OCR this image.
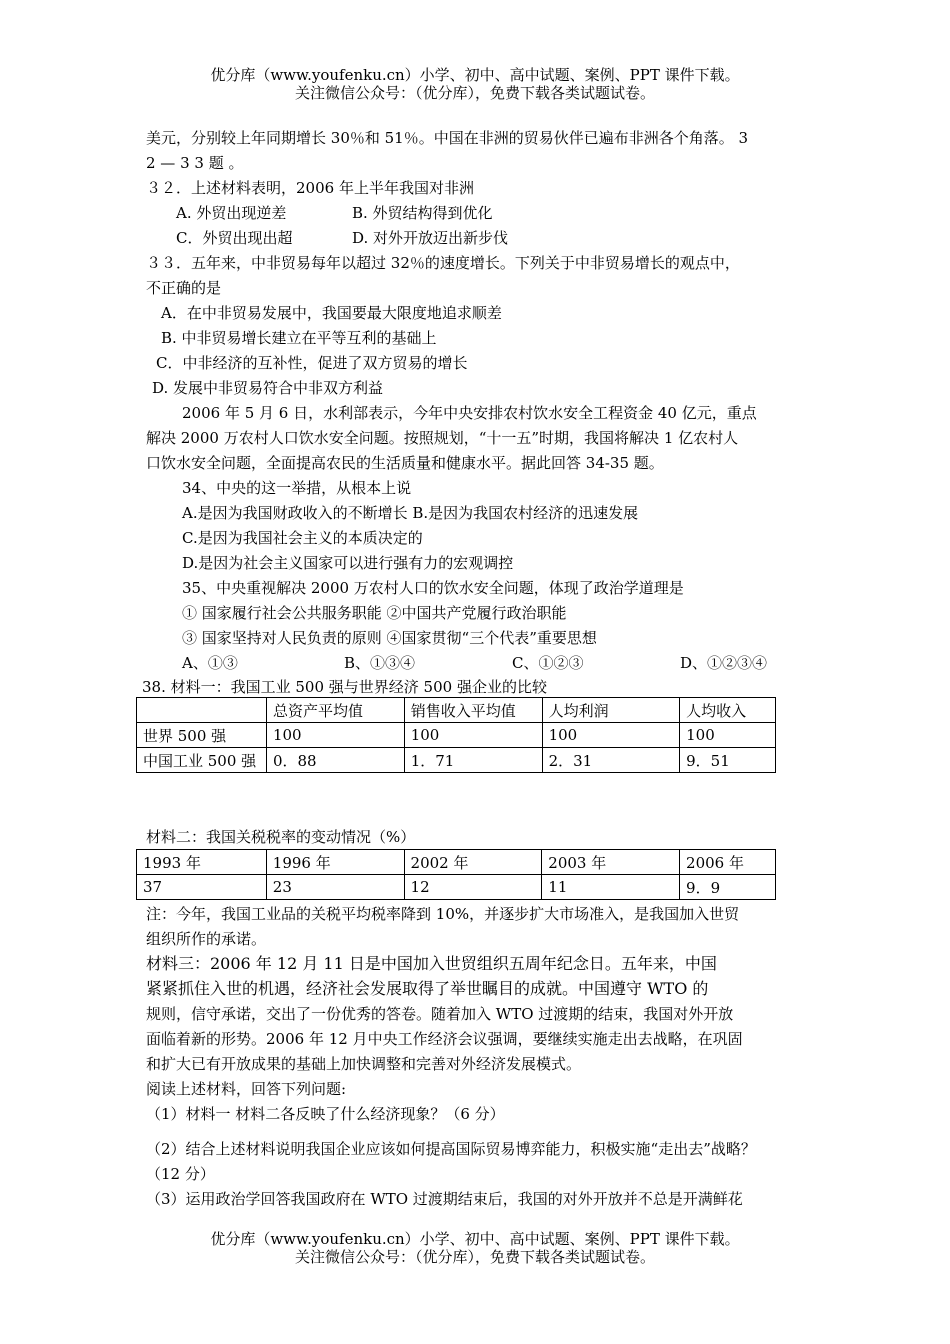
优分库（www.youfenku.cn）小学、初中、高中试题、案例、PPT 课件下载。
关注微信公众号：（优分库），免费下载各类试题试卷。
美元，分别较上年同期增长 30％和 51％。中国在非洲的贸易伙伴已遍布非洲各个角落。 3
2 — 3 3 题 。
３２．上述材料表明，2006 年上半年我国对非洲
A. 外贸出现逆差	B. 外贸结构得到优化
C．外贸出现出超	D. 对外开放迈出新步伐
３３．五年来，中非贸易每年以超过 32％的速度增长。下列关于中非贸易增长的观点中，
不正确的是
A．在中非贸易发展中，我国要最大限度地追求顺差
B. 中非贸易增长建立在平等互利的基础上
C．中非经济的互补性，促进了双方贸易的增长
D. 发展中非贸易符合中非双方利益
2006 年 5 月 6 日，水利部表示，今年中央安排农村饮水安全工程资金 40 亿元，重点
解决 2000 万农村人口饮水安全问题。按照规划，“十一五”时期，我国将解决 1 亿农村人
口饮水安全问题，全面提高农民的生活质量和健康水平。据此回答 34-35 题。
34、中央的这一举措，从根本上说
A.是因为我国财政收入的不断增长 B.是因为我国农村经济的迅速发展
C.是因为我国社会主义的本质决定的
D.是因为社会主义国家可以进行强有力的宏观调控
35、中央重视解决 2000 万农村人口的饮水安全问题，体现了政治学道理是
① 国家履行社会公共服务职能 ②中国共产党履行政治职能
③ 国家坚持对人民负责的原则 ④国家贯彻“三个代表”重要思想
A、①③	B、①③④	C、①②③	D、①②③④
38. 材料一：我国工业 500 强与世界经济 500 强企业的比较
	总资产平均值	销售收入平均值	人均利润	人均收入
世界 500 强	100	100	100	100
中国工业 500 强	0．88	1．71	2．31	9．51
材料二：我国关税税率的变动情况（%）
1993 年	1996 年	2002 年	2003 年	2006 年
37	23	12	11	9．9
注：今年，我国工业品的关税平均税率降到 10%，并逐步扩大市场准入，是我国加入世贸
组织所作的承诺。
材料三：2006 年 12 月 11 日是中国加入世贸组织五周年纪念日。五年来，中国
紧紧抓住入世的机遇，经济社会发展取得了举世瞩目的成就。中国遵守 WTO 的
规则，信守承诺，交出了一份优秀的答卷。随着加入 WTO 过渡期的结束，我国对外开放
面临着新的形势。2006 年 12 月中央工作经济会议强调，要继续实施走出去战略，在巩固
和扩大已有开放成果的基础上加快调整和完善对外经济发展模式。
阅读上述材料，回答下列问题:
（1）材料一 材料二各反映了什么经济现象？（6 分）
（2）结合上述材料说明我国企业应该如何提高国际贸易博弈能力，积极实施“走出去”战略？
（12 分）
（3）运用政治学回答我国政府在 WTO 过渡期结束后，我国的对外开放并不总是开满鲜花
优分库（www.youfenku.cn）小学、初中、高中试题、案例、PPT 课件下载。
关注微信公众号：（优分库），免费下载各类试题试卷。
